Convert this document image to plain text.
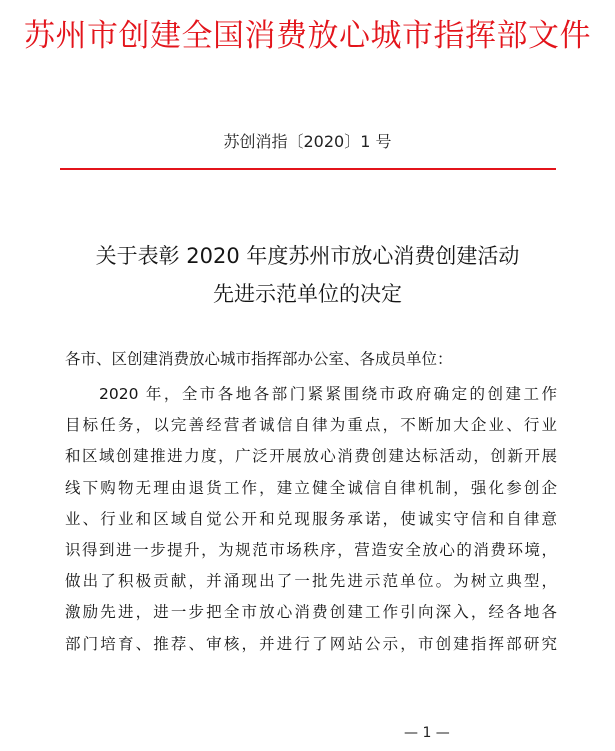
苏州市创建全国消费放心城市指挥部文件
苏创消指〔2020〕1 号
关于表彰 2020 年度苏州市放心消费创建活动
先进示范单位的决定
各市、区创建消费放心城市指挥部办公室、各成员单位：
2020 年，全市各地各部门紧紧围绕市政府确定的创建工作
目标任务，以完善经营者诚信自律为重点，不断加大企业、行业
和区域创建推进力度，广泛开展放心消费创建达标活动，创新开展
线下购物无理由退货工作，建立健全诚信自律机制，强化参创企
业、行业和区域自觉公开和兑现服务承诺，使诚实守信和自律意
识得到进一步提升，为规范市场秩序，营造安全放心的消费环境，
做出了积极贡献，并涌现出了一批先进示范单位。为树立典型，
激励先进，进一步把全市放心消费创建工作引向深入，经各地各
部门培育、推荐、审核，并进行了网站公示，市创建指挥部研究
— 1 —
